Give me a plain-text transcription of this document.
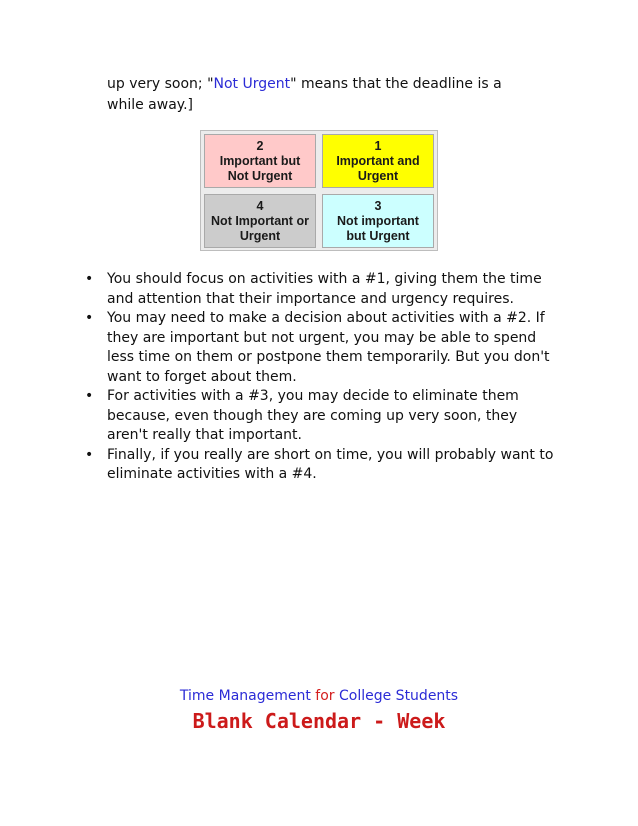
up very soon; "Not Urgent" means that the deadline is a while away.]

2
Important but
Not Urgent
1
Important and
Urgent
4
Not Important or
Urgent
3
Not important
but Urgent
• You should focus on activities with a #1, giving them the time and attention that their importance and urgency requires.
• You may need to make a decision about activities with a #2. If they are important but not urgent, you may be able to spend less time on them or postpone them temporarily. But you don't want to forget about them.
• For activities with a #3, you may decide to eliminate them because, even though they are coming up very soon, they aren't really that important.
• Finally, if you really are short on time, you will probably want to eliminate activities with a #4.
Time Management for College Students
Blank Calendar - Week
